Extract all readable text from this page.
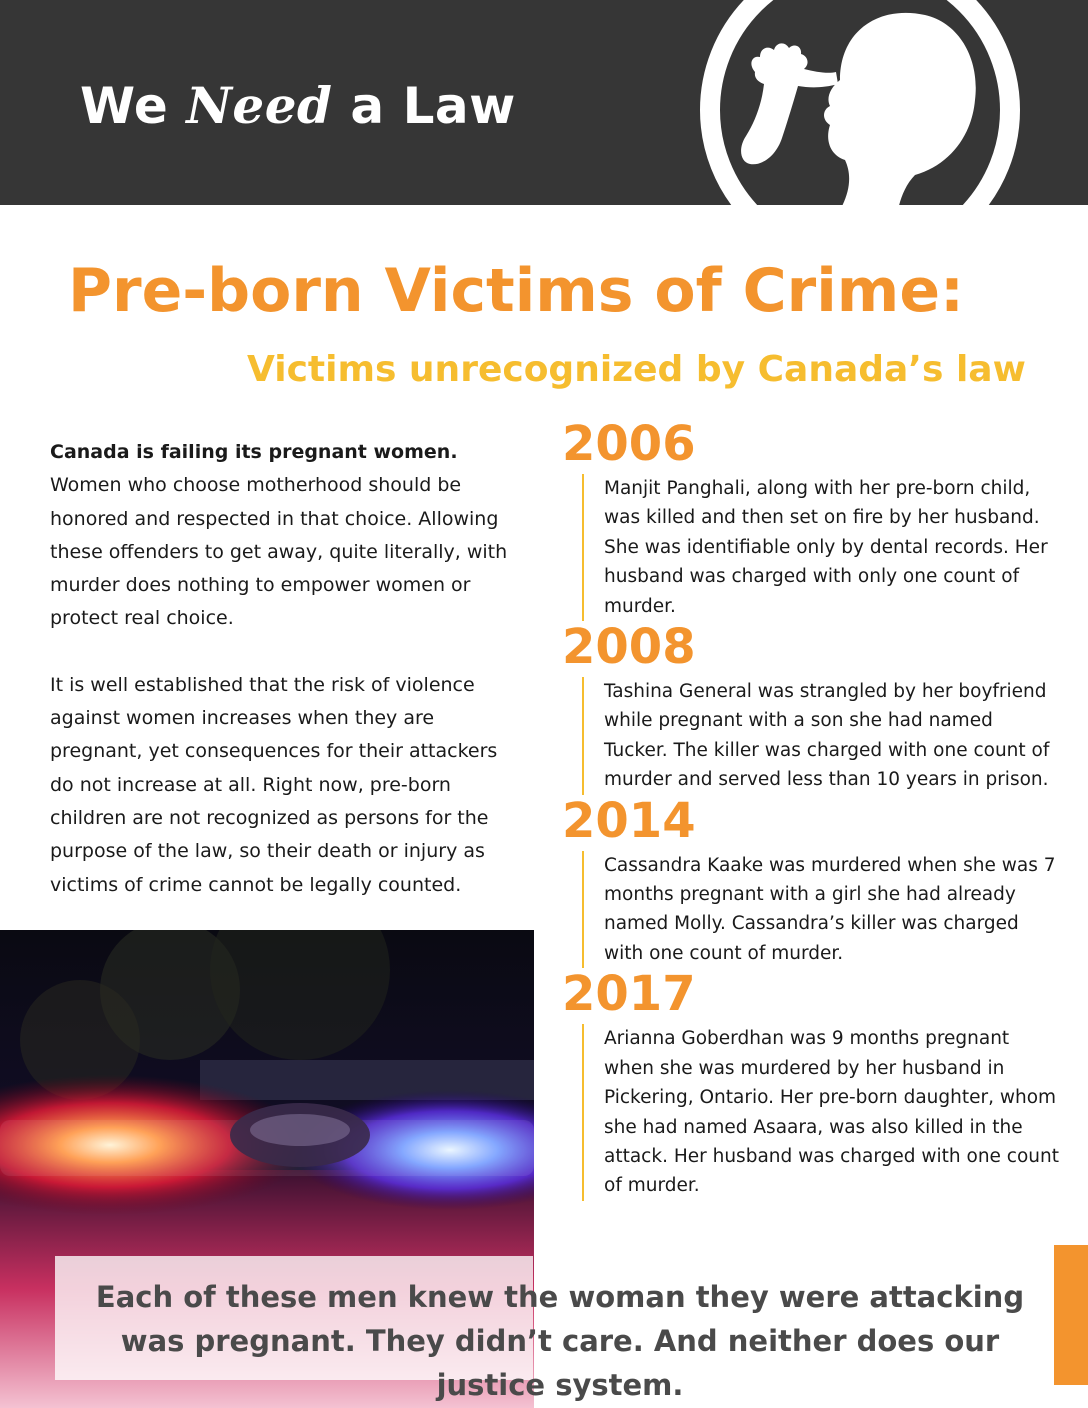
We Need a Law
Pre-born Victims of Crime:
Victims unrecognized by Canada’s law

Canada is failing its pregnant women.

Women who choose motherhood should be honored and respected in that choice. Allowing these offenders to get away, quite literally, with murder does nothing to empower women or protect real choice.

It is well established that the risk of violence against women increases when they are pregnant, yet consequences for their attackers do not increase at all. Right now, pre-born children are not recognized as persons for the purpose of the law, so their death or injury as victims of crime cannot be legally counted.

2006

Manjit Panghali, along with her pre-born child, was killed and then set on fire by her husband. She was identifiable only by dental records. Her husband was charged with only one count of murder.

2008

Tashina General was strangled by her boyfriend while pregnant with a son she had named Tucker. The killer was charged with one count of murder and served less than 10 years in prison.

2014

Cassandra Kaake was murdered when she was 7 months pregnant with a girl she had already named Molly. Cassandra’s killer was charged with one count of murder.

2017

Arianna Goberdhan was 9 months pregnant when she was murdered by her husband in Pickering, Ontario. Her pre-born daughter, whom she had named Asaara, was also killed in the attack. Her husband was charged with one count of murder.

Each of these men knew the woman they were attacking was pregnant. They didn’t care. And neither does our justice system.
